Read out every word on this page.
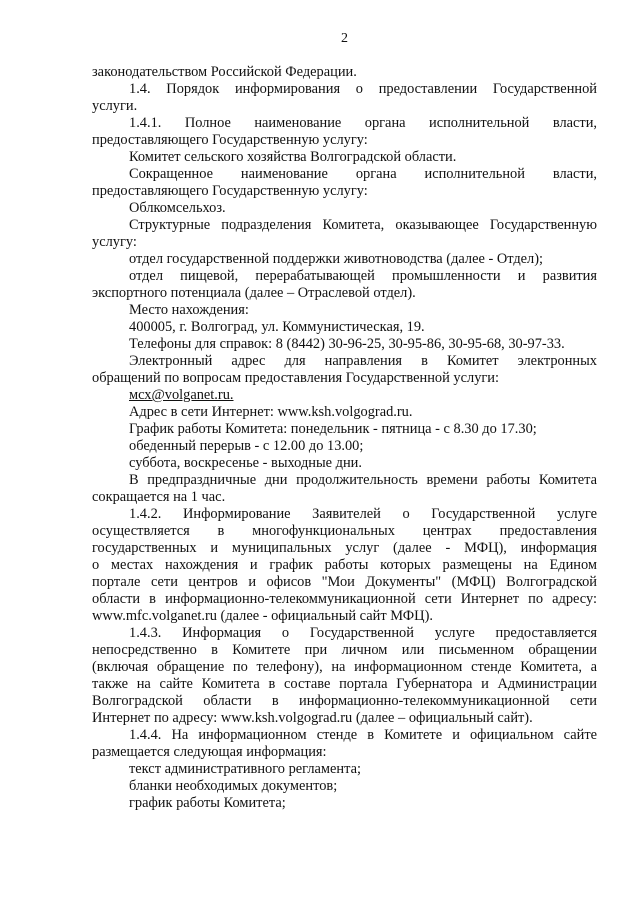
2

законодательством Российской Федерации.

1.4. Порядок информирования о предоставлении Государственной

услуги.

1.4.1. Полное наименование органа исполнительной власти,

предоставляющего Государственную услугу:

Комитет сельского хозяйства Волгоградской области.

Сокращенное наименование органа исполнительной власти,

предоставляющего Государственную услугу:

Облкомсельхоз.

Структурные подразделения Комитета, оказывающее Государственную

услугу:

отдел государственной поддержки животноводства (далее - Отдел);

отдел пищевой, перерабатывающей промышленности и развития

экспортного потенциала (далее – Отраслевой отдел).

Место нахождения:

400005, г. Волгоград, ул. Коммунистическая, 19.

Телефоны для справок: 8 (8442) 30-96-25, 30-95-86, 30-95-68, 30-97-33.

Электронный адрес для направления в Комитет электронных

обращений по вопросам предоставления Государственной услуги:

мсх@volganet.ru.

Адрес в сети Интернет: www.ksh.volgograd.ru.

График работы Комитета: понедельник - пятница - с 8.30 до 17.30;

обеденный перерыв - с 12.00 до 13.00;

суббота, воскресенье - выходные дни.

В предпраздничные дни продолжительность времени работы Комитета

сокращается на 1 час.

1.4.2. Информирование Заявителей о Государственной услуге

осуществляется в многофункциональных центрах предоставления

государственных и муниципальных услуг (далее - МФЦ), информация

о местах нахождения и график работы которых размещены на Едином

портале сети центров и офисов "Мои Документы" (МФЦ) Волгоградской

области в информационно-телекоммуникационной сети Интернет по адресу:

www.mfc.volganet.ru (далее - официальный сайт МФЦ).

1.4.3. Информация о Государственной услуге предоставляется

непосредственно в Комитете при личном или письменном обращении

(включая обращение по телефону), на информационном стенде Комитета, а

также на сайте Комитета в составе портала Губернатора и Администрации

Волгоградской области в информационно-телекоммуникационной сети

Интернет по адресу: www.ksh.volgograd.ru (далее – официальный сайт).

1.4.4. На информационном стенде в Комитете и официальном сайте

размещается следующая информация:

текст административного регламента;

бланки необходимых документов;

график работы Комитета;
